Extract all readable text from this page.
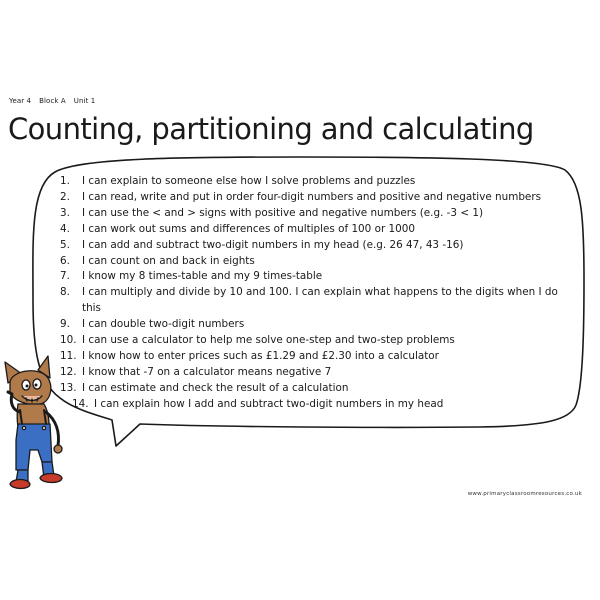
Year 4 Block A Unit 1
Counting, partitioning and calculating
1.	I can explain to someone else how I solve problems and puzzles
2.	I can read, write and put in order four-digit numbers and positive and negative numbers
3.	I can use the < and > signs with positive and negative numbers (e.g. -3 < 1)
4.	I can work out sums and differences of multiples of 100 or 1000
5.	I can add and subtract two-digit numbers in my head (e.g. 26 47, 43 -16)
6.	I can count on and back in eights
7.	I know my 8 times-table and my 9 times-table
8.	I can multiply and divide by 10 and 100. I can explain what happens to the digits when I do this
9.	I can double two-digit numbers
10. I can use a calculator to help me solve one-step and two-step problems
11. I know how to enter prices such as £1.29 and £2.30 into a calculator
12. I know that -7 on a calculator means negative 7
13. I can estimate and check the result of a calculation
14. I can explain how I add and subtract two-digit numbers in my head
www.primaryclassroomresources.co.uk
